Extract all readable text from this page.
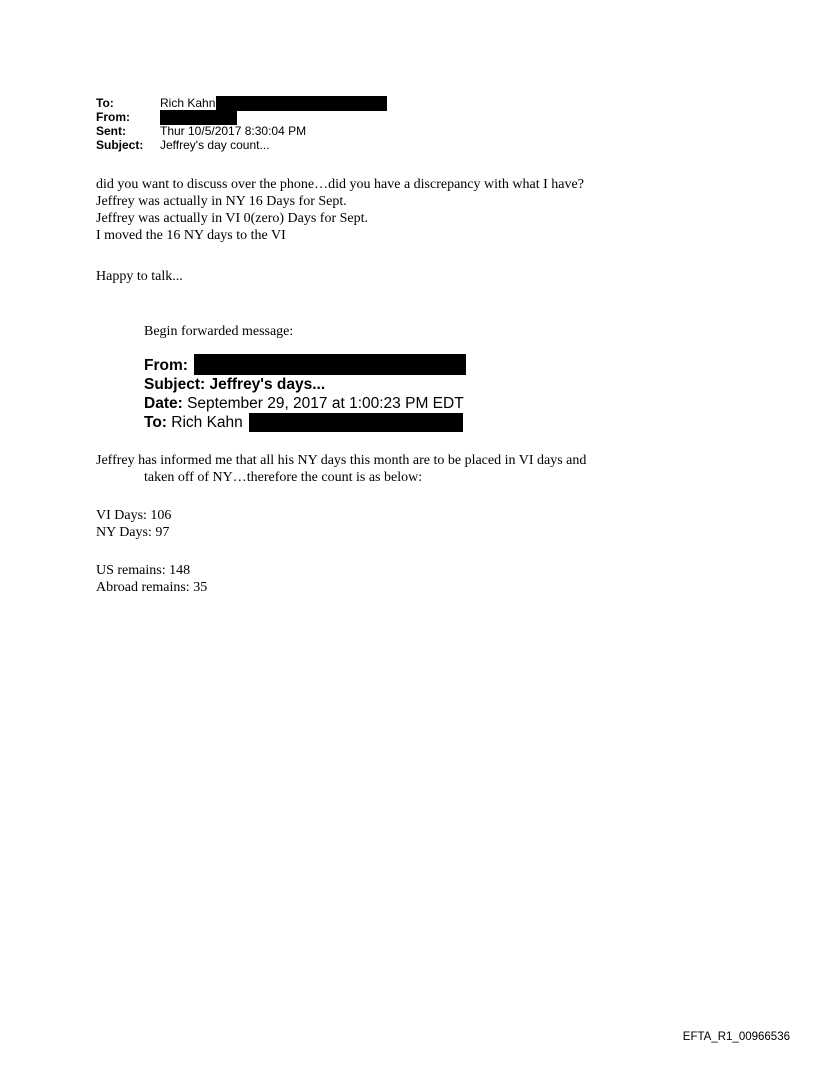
To:	Rich Kahn
From:
Sent:	Thur 10/5/2017 8:30:04 PM
Subject: Jeffrey's day count...
did you want to discuss over the phone…did you have a discrepancy with what I have?
Jeffrey was actually in NY 16 Days for Sept.
Jeffrey was actually in VI 0(zero) Days for Sept.
I moved the 16 NY days to the VI
Happy to talk...
Begin forwarded message:
From:
Subject: Jeffrey's days...
Date: September 29, 2017 at 1:00:23 PM EDT
To: Rich Kahn
Jeffrey has informed me that all his NY days this month are to be placed in VI days and
taken off of NY…therefore the count is as below:
VI Days: 106
NY Days: 97
US remains: 148
Abroad remains: 35
EFTA_R1_00966536
